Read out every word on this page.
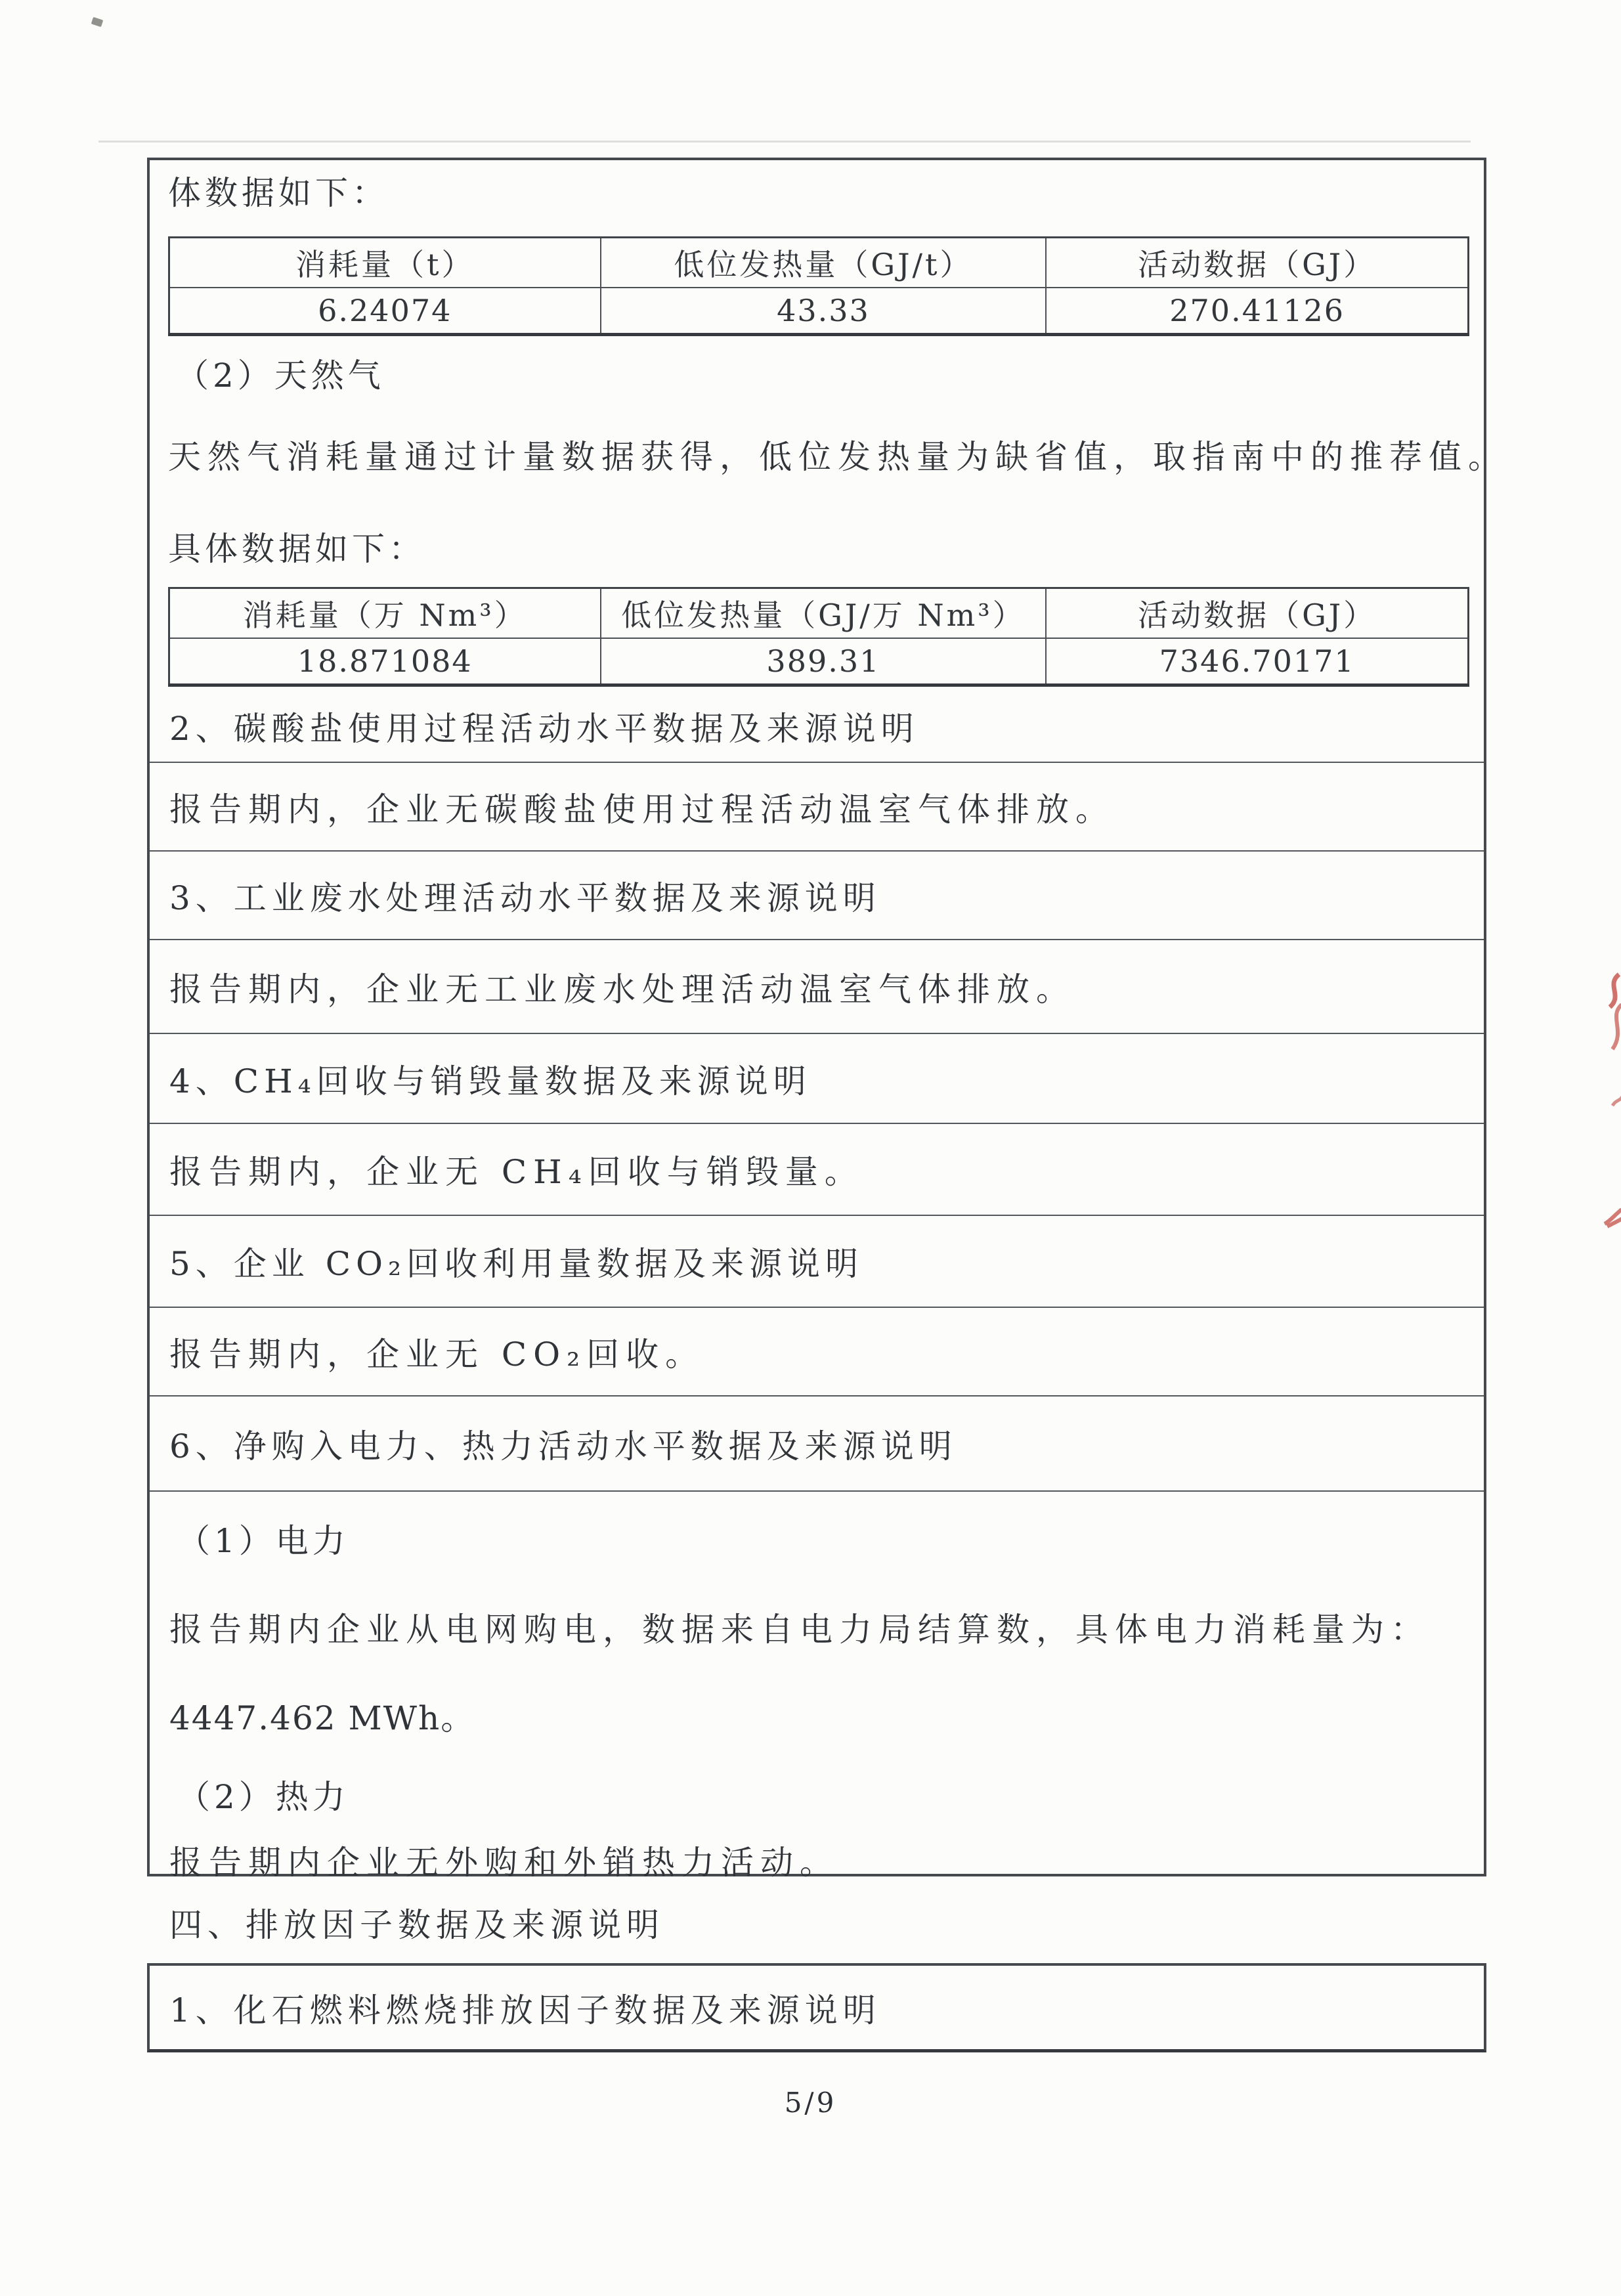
体数据如下：
消耗量（t）	低位发热量（GJ/t）	活动数据（GJ）
6.24074	43.33	270.41126
（2）天然气
天然气消耗量通过计量数据获得，低位发热量为缺省值，取指南中的推荐值。
具体数据如下：
消耗量（万 Nm³）	低位发热量（GJ/万 Nm³）	活动数据（GJ）
18.871084	389.31	7346.70171
2、碳酸盐使用过程活动水平数据及来源说明
报告期内，企业无碳酸盐使用过程活动温室气体排放。
3、工业废水处理活动水平数据及来源说明
报告期内，企业无工业废水处理活动温室气体排放。
4、CH₄回收与销毁量数据及来源说明
报告期内，企业无 CH₄回收与销毁量。
5、企业 CO₂回收利用量数据及来源说明
报告期内，企业无 CO₂回收。
6、净购入电力、热力活动水平数据及来源说明
（1）电力
报告期内企业从电网购电，数据来自电力局结算数，具体电力消耗量为：
4447.462 MWh。
（2）热力
报告期内企业无外购和外销热力活动。
四、排放因子数据及来源说明
1、化石燃料燃烧排放因子数据及来源说明
5/9
